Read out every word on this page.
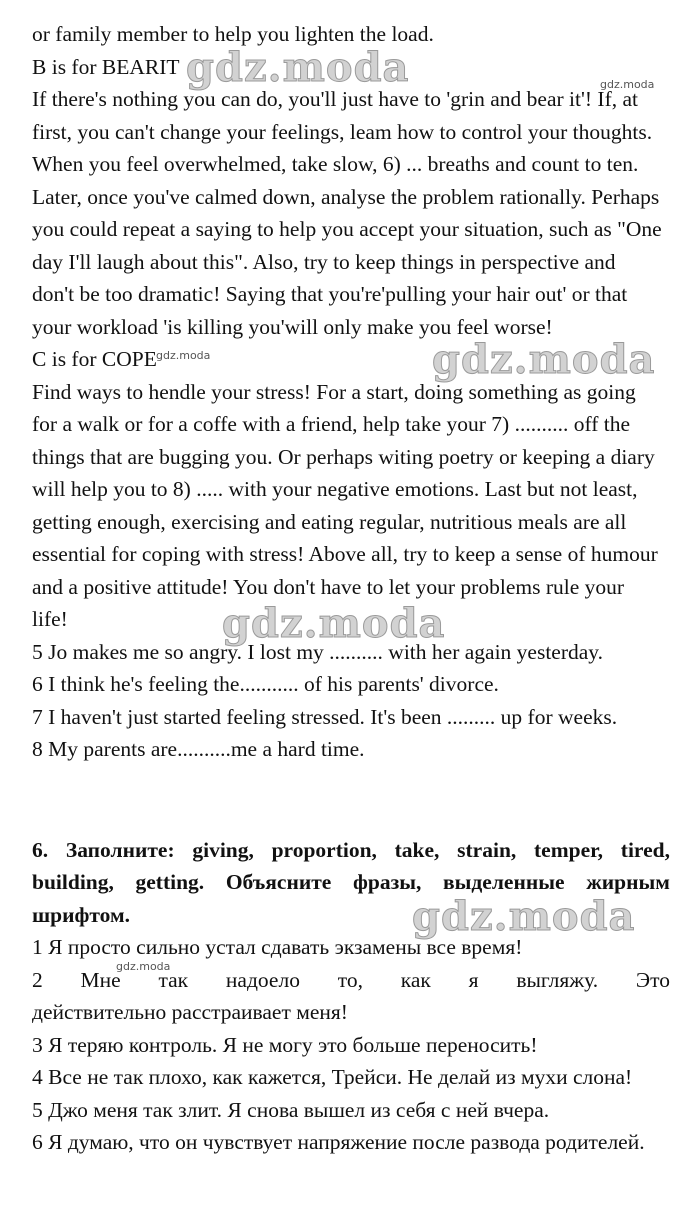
or family member to help you lighten the load.
B is for BEARIT
If there's nothing you can do, you'll just have to 'grin and bear it'! If, at
first, you can't change your feelings, leam how to control your thoughts.
When you feel overwhelmed, take slow, 6) ... breaths and count to ten.
Later, once you've calmed down, analyse the problem rationally. Perhaps
you could repeat a saying to help you accept your situation, such as "One
day I'll laugh about this". Also, try to keep things in perspective and
don't be too dramatic! Saying that you're'pulling your hair out' or that
your workload 'is killing you'will only make you feel worse!
C is for COPE
Find ways to hendle your stress! For a start, doing something as going
for a walk or for a coffe with a friend, help take your 7) .......... off the
things that are bugging you. Or perhaps witing poetry or keeping a diary
will help you to 8) ..... with your negative emotions. Last but not least,
getting enough, exercising and eating regular, nutritious meals are all
essential for coping with stress! Above all, try to keep a sense of humour
and a positive attitude! You don't have to let your problems rule your
life!
5 Jo makes me so angry. I lost my .......... with her again yesterday.
6 I think he's feeling the........... of his parents' divorce.
7 I haven't just started feeling stressed. It's been ......... up for weeks.
8 My parents are..........me a hard time.
6. Заполните: giving, proportion, take, strain, temper, tired,
building, getting. Объясните фразы, выделенные жирным
шрифтом.
1 Я просто сильно устал сдавать экзамены все время!
2 Мне так надоело то, как я выгляжу. Это
действительно расстраивает меня!
3 Я теряю контроль. Я не могу это больше переносить!
4 Все не так плохо, как кажется, Трейси. Не делай из мухи слона!
5 Джо меня так злит. Я снова вышел из себя с ней вчера.
6 Я думаю, что он чувствует напряжение после развода родителей.
gdz.moda	gdz.moda
gdz.moda	gdz.moda
gdz.moda
gdz.moda
gdz.moda
